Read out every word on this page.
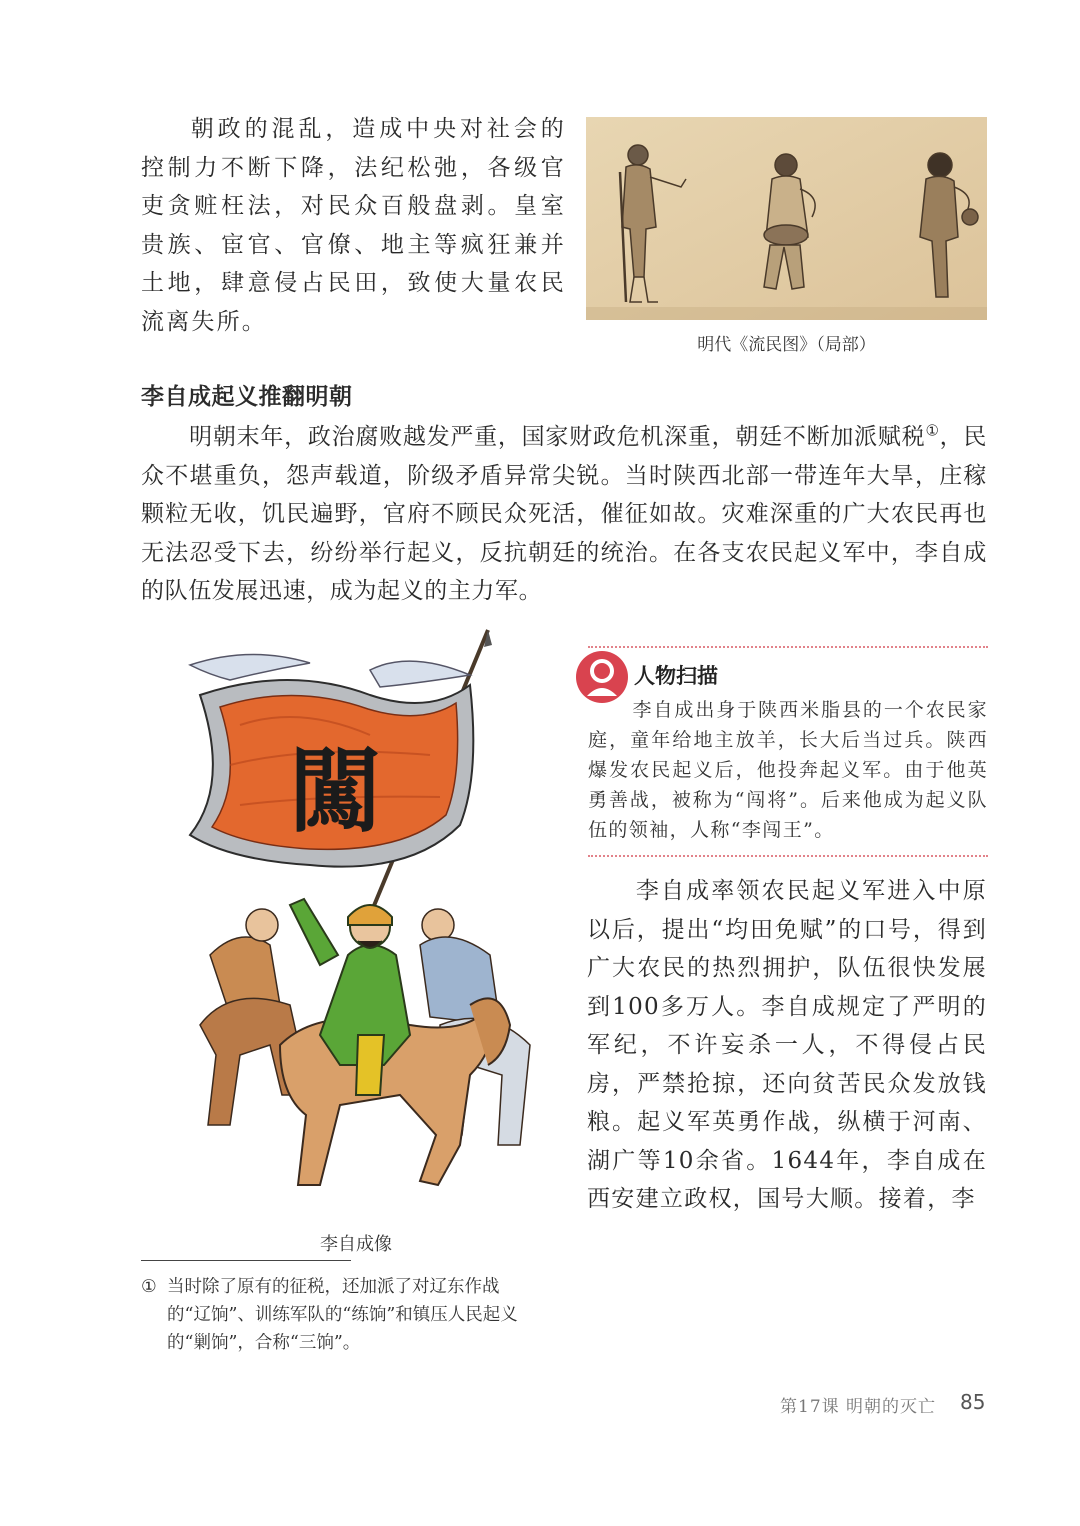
朝政的混乱，造成中央对社会的控制力不断下降，法纪松弛，各级官吏贪赃枉法，对民众百般盘剥。皇室贵族、宦官、官僚、地主等疯狂兼并土地，肆意侵占民田，致使大量农民流离失所。
明代《流民图》（局部）
李自成起义推翻明朝
明朝末年，政治腐败越发严重，国家财政危机深重，朝廷不断加派赋税①，民众不堪重负，怨声载道，阶级矛盾异常尖锐。当时陕西北部一带连年大旱，庄稼颗粒无收，饥民遍野，官府不顾民众死活，催征如故。灾难深重的广大农民再也无法忍受下去，纷纷举行起义，反抗朝廷的统治。在各支农民起义军中，李自成的队伍发展迅速，成为起义的主力军。
闖
李自成像
人物扫描
李自成出身于陕西米脂县的一个农民家庭，童年给地主放羊，长大后当过兵。陕西爆发农民起义后，他投奔起义军。由于他英勇善战，被称为“闯将”。后来他成为起义队伍的领袖，人称“李闯王”。
李自成率领农民起义军进入中原以后，提出“均田免赋”的口号，得到广大农民的热烈拥护，队伍很快发展到100多万人。李自成规定了严明的军纪，不许妄杀一人，不得侵占民房，严禁抢掠，还向贫苦民众发放钱粮。起义军英勇作战，纵横于河南、湖广等10余省。1644年，李自成在西安建立政权，国号大顺。接着，李
① 当时除了原有的征税，还加派了对辽东作战的“辽饷”、训练军队的“练饷”和镇压人民起义的“剿饷”，合称“三饷”。
第17课 明朝的灭亡 85
